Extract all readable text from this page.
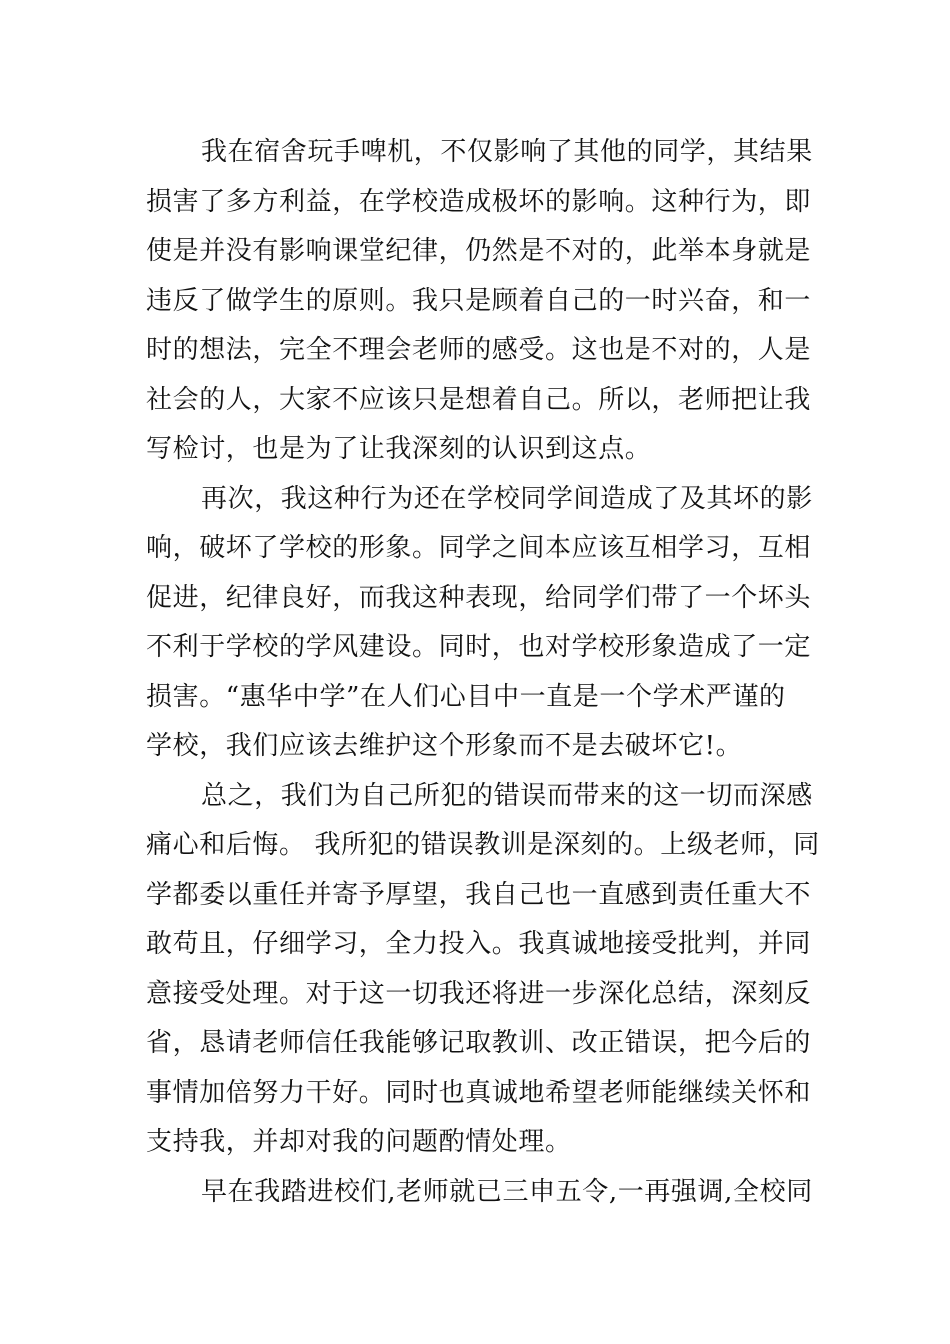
我在宿舍玩手啤机，不仅影响了其他的同学，其结果
损害了多方利益，在学校造成极坏的影响。这种行为，即
使是并没有影响课堂纪律，仍然是不对的，此举本身就是
违反了做学生的原则。我只是顾着自己的一时兴奋，和一
时的想法，完全不理会老师的感受。这也是不对的，人是
社会的人，大家不应该只是想着自己。所以，老师把让我
写检讨，也是为了让我深刻的认识到这点。
再次，我这种行为还在学校同学间造成了及其坏的影
响，破坏了学校的形象。同学之间本应该互相学习，互相
促进，纪律良好，而我这种表现，给同学们带了一个坏头
不利于学校的学风建设。同时，也对学校形象造成了一定
损害。“惠华中学”在人们心目中一直是一个学术严谨的
学校，我们应该去维护这个形象而不是去破坏它!。
总之，我们为自己所犯的错误而带来的这一切而深感
痛心和后悔。 我所犯的错误教训是深刻的。上级老师，同
学都委以重任并寄予厚望，我自己也一直感到责任重大不
敢苟且，仔细学习，全力投入。我真诚地接受批判，并同
意接受处理。对于这一切我还将进一步深化总结，深刻反
省，恳请老师信任我能够记取教训、改正错误，把今后的
事情加倍努力干好。同时也真诚地希望老师能继续关怀和
支持我，并却对我的问题酌情处理。
早在我踏进校们,老师就已三申五令,一再强调,全校同
